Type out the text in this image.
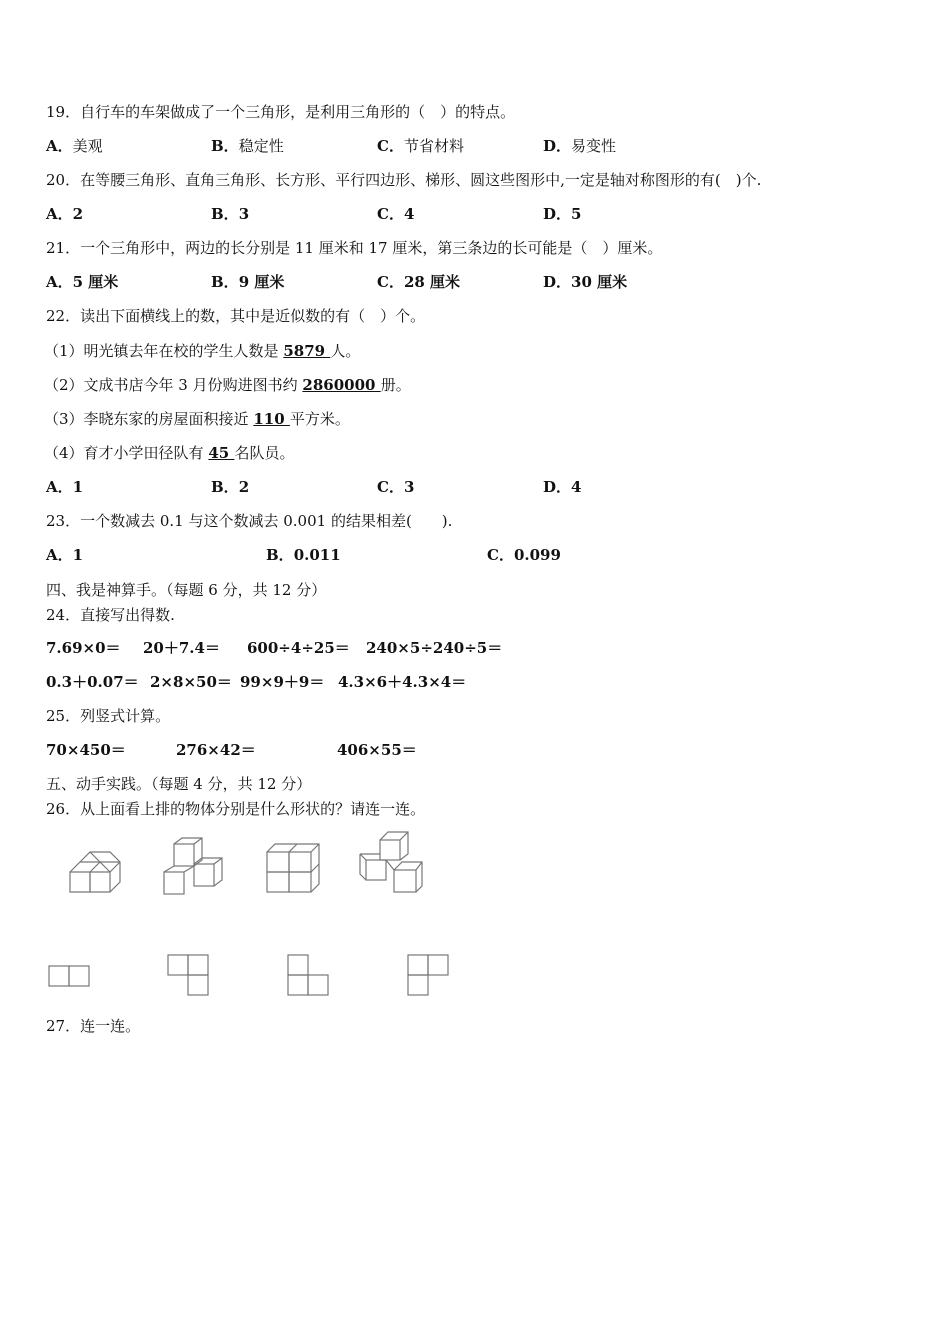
19．自行车的车架做成了一个三角形，是利用三角形的（　）的特点。
A．美观	B．稳定性	C．节省材料	D．易变性
20．在等腰三角形、直角三角形、长方形、平行四边形、梯形、圆这些图形中,一定是轴对称图形的有(　)个.
A．2	B．3	C．4	D．5
21．一个三角形中，两边的长分别是 11 厘米和 17 厘米，第三条边的长可能是（　）厘米。
A．5 厘米	B．9 厘米	C．28 厘米	D．30 厘米
22．读出下面横线上的数，其中是近似数的有（　）个。
（1）明光镇去年在校的学生人数是 5879 人。
（2）文成书店今年 3 月份购进图书约 2860000 册。
（3）李晓东家的房屋面积接近 110 平方米。
（4）育才小学田径队有 45 名队员。
A．1	B．2	C．3	D．4
23．一个数减去 0.1 与这个数减去 0.001 的结果相差(　　).
A．1	B．0.011	C．0.099
四、我是神算手。（每题 6 分，共 12 分）
24．直接写出得数.
7.69×0＝ 20＋7.4＝ 600÷4÷25＝ 240×5÷240÷5＝
0.3＋0.07＝ 2×8×50＝ 99×9＋9＝ 4.3×6＋4.3×4＝
25．列竖式计算。
70×450＝	276×42＝	406×55＝
五、动手实践。（每题 4 分，共 12 分）
26．从上面看上排的物体分别是什么形状的？请连一连。
27．连一连。
